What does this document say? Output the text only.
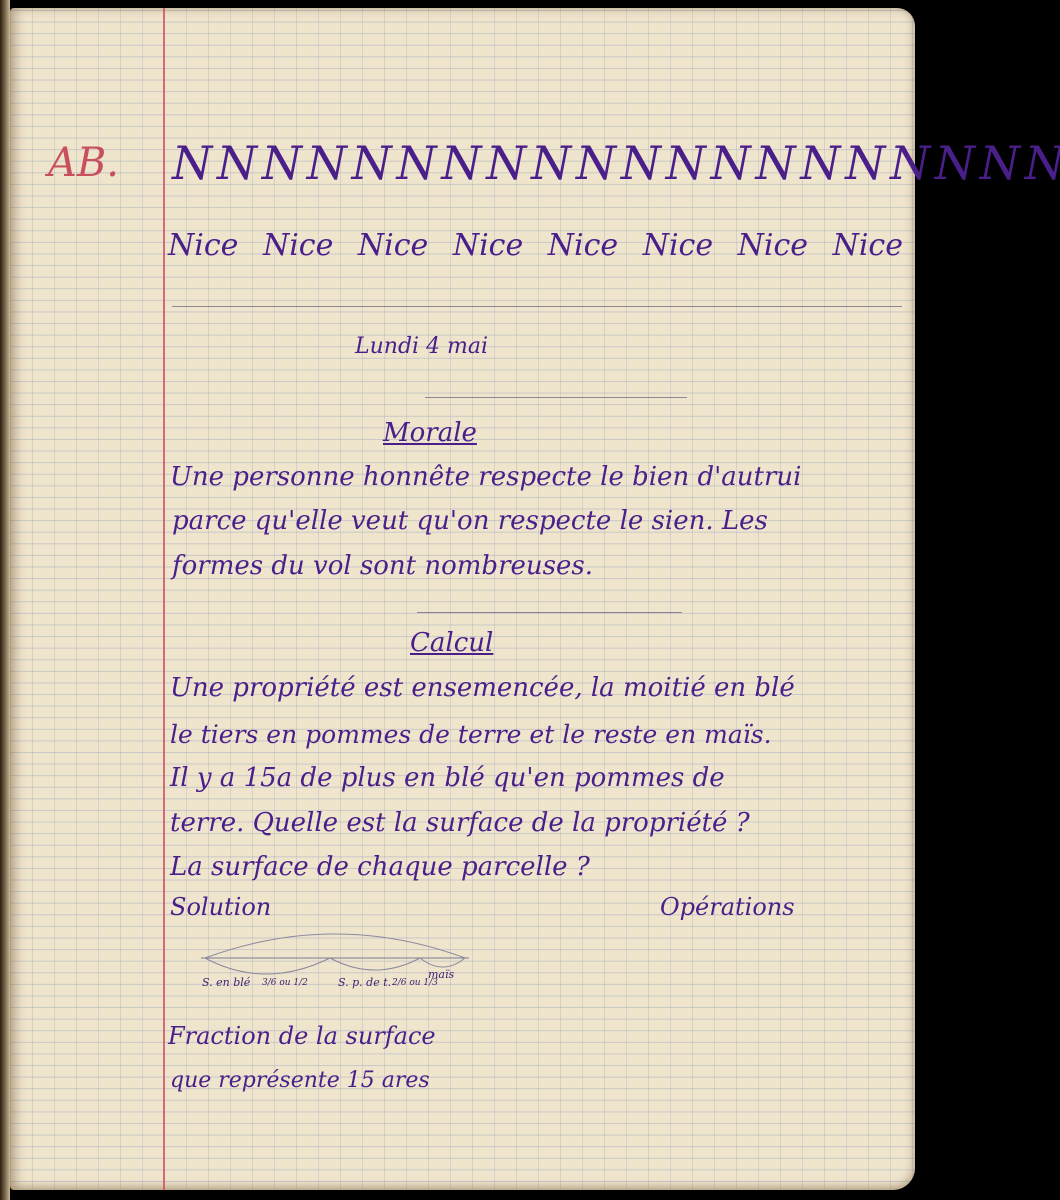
AB. N N N N N N N N N N N N N N N N N N N N
Nice Nice Nice Nice Nice Nice Nice Nice
Lundi 4 mai
Morale
Une personne honnête respecte le bien d'autrui
parce qu'elle veut qu'on respecte le sien. Les
formes du vol sont nombreuses.
Calcul
Une propriété est ensemencée, la moitié en blé
le tiers en pommes de terre et le reste en maïs.
Il y a 15a de plus en blé qu'en pommes de
terre. Quelle est la surface de la propriété ?
La surface de chaque parcelle ?
Solution	Opérations
S. en blé 3/6 ou 1/2	S. p. de t. 2/6 ou 1/3
maïs
Fraction de la surface
que représente 15 ares
